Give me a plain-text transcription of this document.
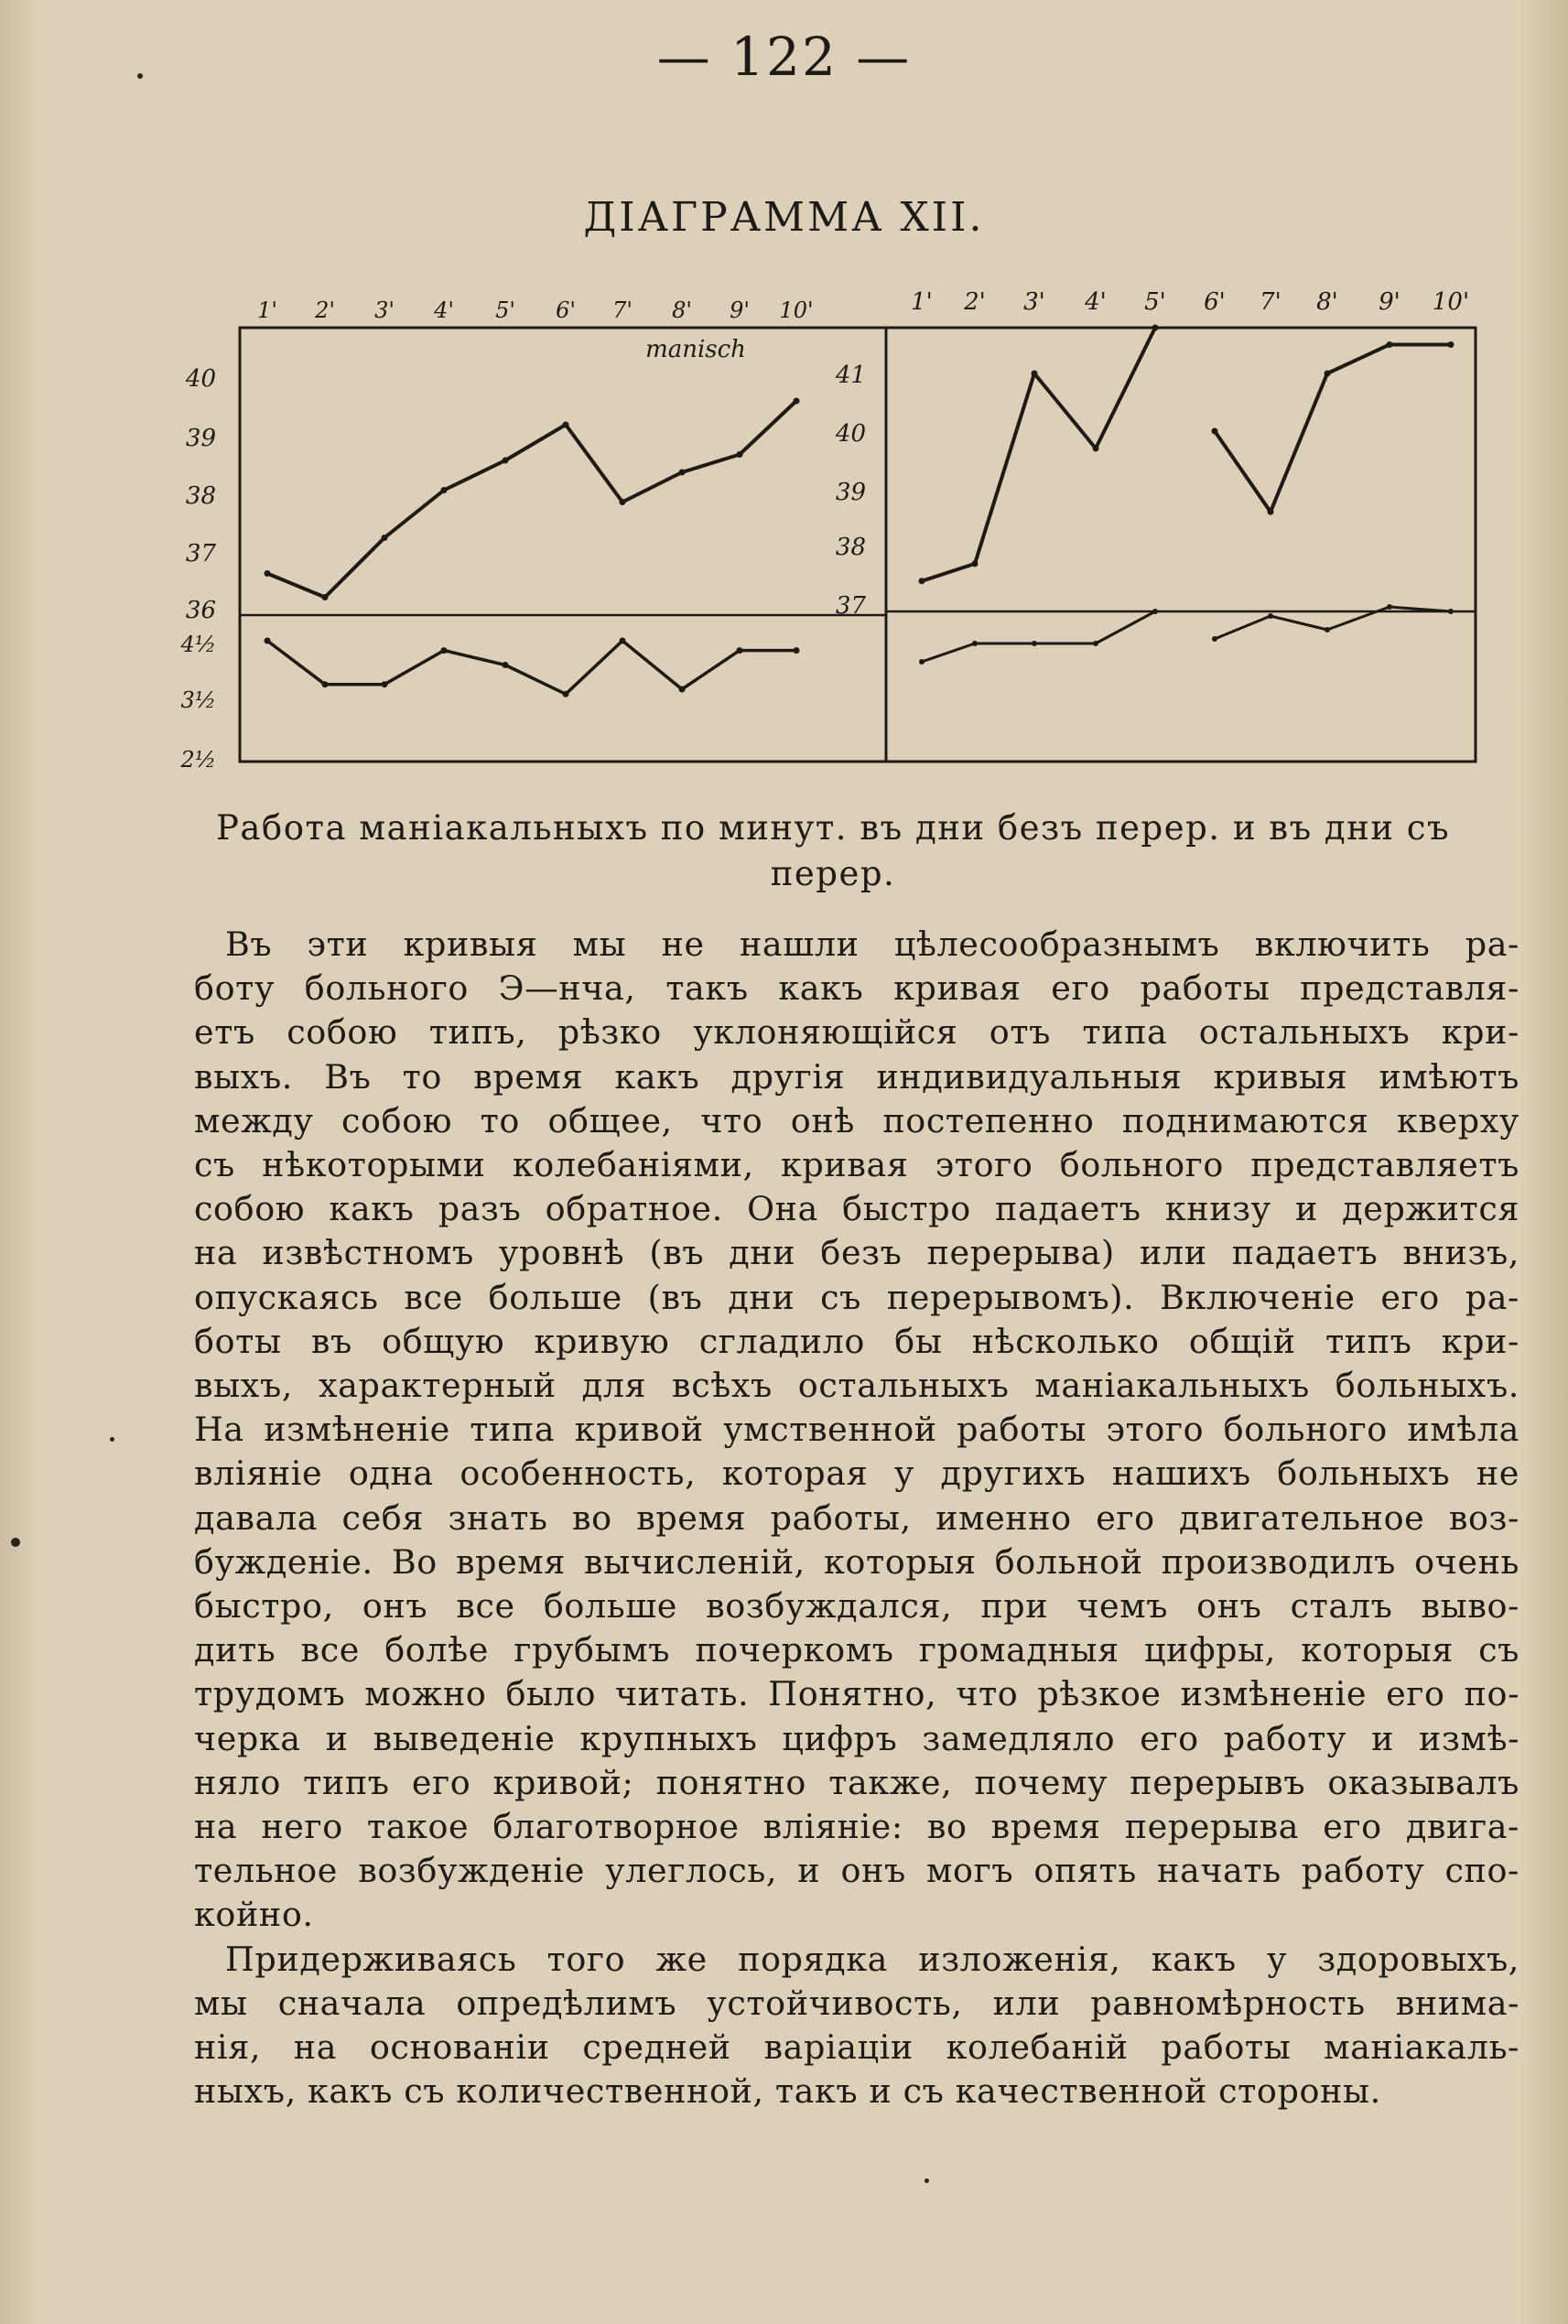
— 122 —
ДІАГРАММА XII.
1' 2' 3' 4' 5' 6' 7' 8' 9' 10'
40
39
38
37
36
4½
3½
2½
manisch
1' 2' 3' 4' 5' 6' 7' 8' 9' 10'
41
40
39
38
37
Работа маніакальныхъ по минут. въ дни безъ перер. и въ дни съ
перер.
Въ эти кривыя мы не нашли цѣлесообразнымъ включить ра-
боту больного Э—нча, такъ какъ кривая его работы представля-
етъ собою типъ, рѣзко уклоняющійся отъ типа остальныхъ кри-
выхъ. Въ то время какъ другія индивидуальныя кривыя имѣютъ
между собою то общее, что онѣ постепенно поднимаются кверху
съ нѣкоторыми колебаніями, кривая этого больного представляетъ
собою какъ разъ обратное. Она быстро падаетъ книзу и держится
на извѣстномъ уровнѣ (въ дни безъ перерыва) или падаетъ внизъ,
опускаясь все больше (въ дни съ перерывомъ). Включеніе его ра-
боты въ общую кривую сгладило бы нѣсколько общій типъ кри-
выхъ, характерный для всѣхъ остальныхъ маніакальныхъ больныхъ.
На измѣненіе типа кривой умственной работы этого больного имѣла
вліяніе одна особенность, которая у другихъ нашихъ больныхъ не
давала себя знать во время работы, именно его двигательное воз-
бужденіе. Во время вычисленій, которыя больной производилъ очень
быстро, онъ все больше возбуждался, при чемъ онъ сталъ выво-
дить все болѣе грубымъ почеркомъ громадныя цифры, которыя съ
трудомъ можно было читать. Понятно, что рѣзкое измѣненіе его по-
черка и выведеніе крупныхъ цифръ замедляло его работу и измѣ-
няло типъ его кривой; понятно также, почему перерывъ оказывалъ
на него такое благотворное вліяніе: во время перерыва его двига-
тельное возбужденіе улеглось, и онъ могъ опять начать работу спо-
койно.
Придерживаясь того же порядка изложенія, какъ у здоровыхъ,
мы сначала опредѣлимъ устойчивость, или равномѣрность внима-
нія, на основаніи средней варіаціи колебаній работы маніакаль-
ныхъ, какъ съ количественной, такъ и съ качественной стороны.
